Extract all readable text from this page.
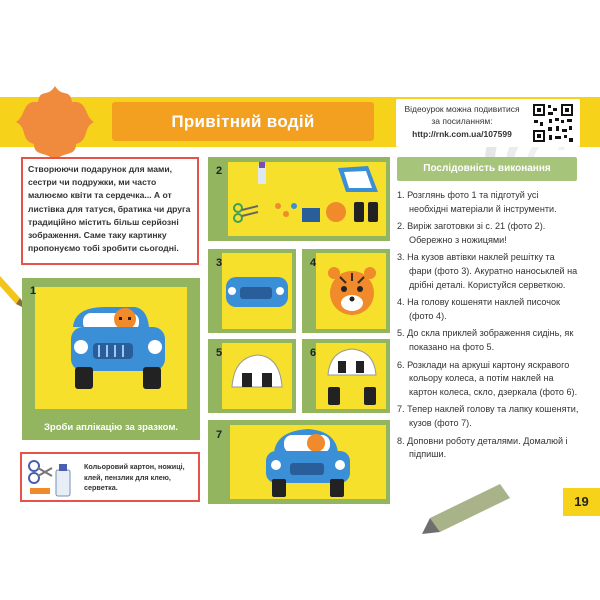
Привітний водій
Відеоурок можна подивитися
за посиланням:
http://rnk.com.ua/107599
Створюючи подарунок для мами, сестри чи подружки, ми часто малюємо квіти та сердечка... А от листівка для татуся, братика чи друга традиційно містить більш серйозні зображення. Саме таку картинку пропонуємо тобі зробити сьогодні.
1
Зроби аплікацію за зразком.
Кольоровий картон, ножиці, клей, пензлик для клею, серветка.
2
3	4
5	6
7
Послідовність виконання
1. Розглянь фото 1 та підготуй усі необхідні матеріали й інструменти.
2. Виріж заготовки зі с. 21 (фото 2). Обережно з ножицями!
3. На кузов автівки наклей решітку та фари (фото 3). Акуратно наноськлей на дрібні деталі. Користуйся серветкою.
4. На голову кошеняти наклей писочок (фото 4).
5. До скла приклей зображення сидінь, як показано на фото 5.
6. Розклади на аркуші картону яскравого кольору колеса, а потім наклей на картон колеса, скло, дзеркала (фото 6).
7. Тепер наклей голову та лапку кошеняти, кузов (фото 7).
8. Доповни роботу деталями. Домалюй і підпиши.
19
